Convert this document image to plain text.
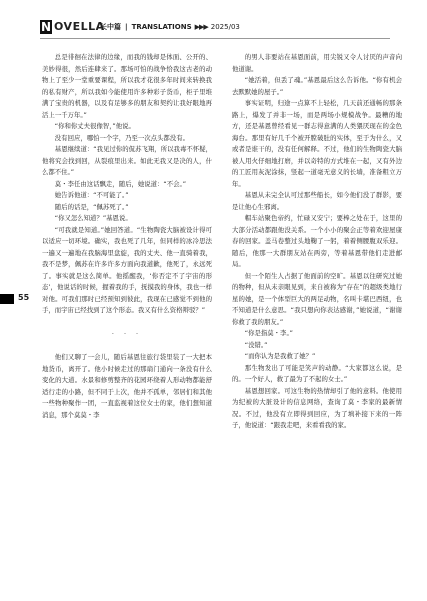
N OVELLA
长中篇 | TRANSLATIONS ▶▶▶ 2025/03
55

总是徘徊在法律的边缘，而我的钱却是体面、公开的、美妙得很，然后连肆来了。那场可怕的战争恰我这古老的动物上了至少一堂重要课程，所以我才花很多年时间来转换我的私有财产，所以我如今能使用许多种彩子货币，柜子里堆满了宝贵的机器，以及有足够多的朋友和契约让我好眼地再活上一千万年。”

“你和你丈夫很像智，”他说。

没有回应，哪怕一个字，乃至一次点头都没有。

基恩继续道：“我见过你的侃苏飞翔，所以我毒不怀疑，他将究会找到回，从裂痕里出来。如此无我又是决的人，什么都不住。”

莫・李任由这话飘走，随后，她说道：“不会。”

她告诉他道：“不可能了。”

随后的话是，“佩苏死了。”

“你又怎么知道？”基恩说。

“可我就是知道。”她回答道。“生物陶瓷大脑被设计得可以适应一切环境。确实，我也死了几年，但同样的冰冷思法一遍又一遍地在我脑海里盘旋，我的丈夫、他一直骑着我，我不是梦，佩苏在许多许多方面向我道歉，他死了，永远死了。事实就是这么简单。他摇醒我，‘你否定不了宇宙的形态’，他说话的时候，握着我的手，抚摸我的身体，我也一样对他。可我们那时已经预知到彼此，我现在已感觉不到他的手，而宇宙已经找到了这个形态。我又有什么资格辩驳？”

· · ·

他们又聊了一会儿，随后基恩往旅行袋里装了一大把本地货币，离开了。他小时候走过的那扇门通向一条没有什么变化的大道。水景和修剪整齐的花园环绕着人形动物都能舒适行走的小路，但不同于上次，他并不孤单，邻居们和其他一些物种聚作一团，一直监视着这位女士的家，他们想知道消息，那个莫莫・李

的男人非要站在基恩面前，用尖锐又令人讨厌的声音向他道谢。

“她活着，但丢了魂。”基恩最后这么告诉他。“你有机会去默默她的屋子。”

事实证明，归途一点算不上轻松，几天前还通畅的那条路上，爆发了并非一场，而是两场小规模战争。最糟的地方，还是基恩曾经看见一群志得意满的人类猥厌现在的金色海台。那里有好几千个被开膛破肚的实体，至于为什么，又或者是谁干的，没有任何解释。不过，他们的生物陶瓷大脑被人用火仔细地打磨，并以奇特的方式堆在一起，又有外边的工匠用灰泥涂抹，竖起一道毫无意义的长墙，准备粗立万年。

基恩从未完全认可过那些船长，如今他们没了群影，要是让他心生邪离。

帽车站聚色帝约，忙碌又安宁；要棒之处在于，这里的大部分活动都跟他没关系。一个小小的聚会正等着欢迎屋康春的回家。盖马卷整过头地鞠了一躬，着着侧腰腹双乐迎。随后，他那一大群朋友站在两旁，等着基恩带他们走进邮局。

但一个陌生人占据了他面前的空旷。基恩以往研究过她的物种，但从未亲眼见到，来自被称为“存在”的超级类地行星的她，是一个体型巨大的两足动物，名叫卡堪巴西纽，也不知道是什么意思。“我只想向你表达感谢，”她说道，“谢谢你救了我的朋友。”

“你是指莫・李。”

“没错。”

“而你认为是我救了她？”

那生物发出了可能是笑声的动静。“大家都这么说，是的。一个好人，救了最为了不起的女士。”

基恩想回家。可这生物的热情却引了他的意料。他使用为纪被的大脏设计的信息网络，查询了莫・李家的最新情况。不过，他没有立即得到回应，为了填补接下来的一阵子，他说道：“跟我走吧，来看看我的家。
